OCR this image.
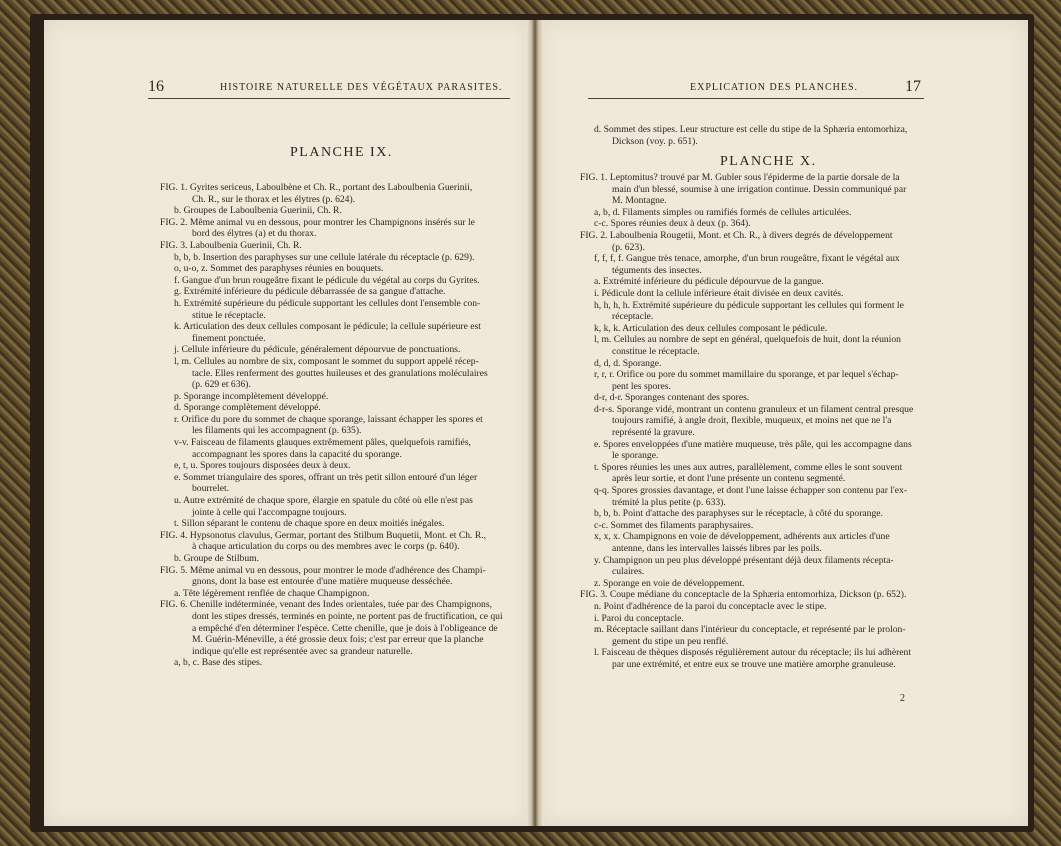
16	HISTOIRE NATURELLE DES VÉGÉTAUX PARASITES.
PLANCHE IX.

FIG. 1. Gyrites sericeus, Laboulbène et Ch. R., portant des Laboulbenia Guerinii,

Ch. R., sur le thorax et les élytres (p. 624).

b. Groupes de Laboulbenia Guerinii, Ch. R.

FIG. 2. Même animal vu en dessous, pour montrer les Champignons insérés sur le

bord des élytres (a) et du thorax.

FIG. 3. Laboulbenia Guerinii, Ch. R.

b, b, b. Insertion des paraphyses sur une cellule latérale du réceptacle (p. 629).

o, u-o, z. Sommet des paraphyses réunies en bouquets.

f. Gangue d'un brun rougeâtre fixant le pédicule du végétal au corps du Gyrites.

g. Extrémité inférieure du pédicule débarrassée de sa gangue d'attache.

h. Extrémité supérieure du pédicule supportant les cellules dont l'ensemble con-

stitue le réceptacle.

k. Articulation des deux cellules composant le pédicule; la cellule supérieure est

finement ponctuée.

j. Cellule inférieure du pédicule, généralement dépourvue de ponctuations.

l, m. Cellules au nombre de six, composant le sommet du support appelé récep-

tacle. Elles renferment des gouttes huileuses et des granulations moléculaires

(p. 629 et 636).

p. Sporange incomplètement développé.

d. Sporange complètement développé.

r. Orifice du pore du sommet de chaque sporange, laissant échapper les spores et

les filaments qui les accompagnent (p. 635).

v-v. Faisceau de filaments glauques extrêmement pâles, quelquefois ramifiés,

accompagnant les spores dans la capacité du sporange.

e, t, u. Spores toujours disposées deux à deux.

e. Sommet triangulaire des spores, offrant un très petit sillon entouré d'un léger

bourrelet.

u. Autre extrémité de chaque spore, élargie en spatule du côté où elle n'est pas

jointe à celle qui l'accompagne toujours.

t. Sillon séparant le contenu de chaque spore en deux moitiés inégales.

FIG. 4. Hypsonotus clavulus, Germar, portant des Stilbum Buquetii, Mont. et Ch. R.,

à chaque articulation du corps ou des membres avec le corps (p. 640).

b. Groupe de Stilbum.

FIG. 5. Même animal vu en dessous, pour montrer le mode d'adhérence des Champi-

gnons, dont la base est entourée d'une matière muqueuse desséchée.

a. Tête légèrement renflée de chaque Champignon.

FIG. 6. Chenille indéterminée, venant des Indes orientales, tuée par des Champignons,

dont les stipes dressés, terminés en pointe, ne portent pas de fructification, ce qui

a empêché d'en déterminer l'espèce. Cette chenille, que je dois à l'obligeance de

M. Guérin-Méneville, a été grossie deux fois; c'est par erreur que la planche

indique qu'elle est représentée avec sa grandeur naturelle.

a, b, c. Base des stipes.

EXPLICATION DES PLANCHES.	17

d. Sommet des stipes. Leur structure est celle du stipe de la Sphæria entomorhiza,

Dickson (voy. p. 651).

PLANCHE X.

FIG. 1. Leptomitus? trouvé par M. Gubler sous l'épiderme de la partie dorsale de la

main d'un blessé, soumise à une irrigation continue. Dessin communiqué par

M. Montagne.

a, b, d. Filaments simples ou ramifiés formés de cellules articulées.

c-c. Spores réunies deux à deux (p. 364).

FIG. 2. Laboulbenia Rougetii, Mont. et Ch. R., à divers degrés de développement

(p. 623).

f, f, f, f. Gangue très tenace, amorphe, d'un brun rougeâtre, fixant le végétal aux

téguments des insectes.

a. Extrémité inférieure du pédicule dépourvue de la gangue.

i. Pédicule dont la cellule inférieure était divisée en deux cavités.

h, h, h, h. Extrémité supérieure du pédicule supportant les cellules qui forment le

réceptacle.

k, k, k. Articulation des deux cellules composant le pédicule.

l, m. Cellules au nombre de sept en général, quelquefois de huit, dont la réunion

constitue le réceptacle.

d, d, d. Sporange.

r, r, r. Orifice ou pore du sommet mamillaire du sporange, et par lequel s'échap-

pent les spores.

d-r, d-r. Sporanges contenant des spores.

d-r-s. Sporange vidé, montrant un contenu granuleux et un filament central presque

toujours ramifié, à angle droit, flexible, muqueux, et moins net que ne l'a

représenté la gravure.

e. Spores enveloppées d'une matière muqueuse, très pâle, qui les accompagne dans

le sporange.

t. Spores réunies les unes aux autres, parallèlement, comme elles le sont souvent

après leur sortie, et dont l'une présente un contenu segmenté.

q-q. Spores grossies davantage, et dont l'une laisse échapper son contenu par l'ex-

trémité la plus petite (p. 633).

b, b, b. Point d'attache des paraphyses sur le réceptacle, à côté du sporange.

c-c. Sommet des filaments paraphysaires.

x, x, x. Champignons en voie de développement, adhérents aux articles d'une

antenne, dans les intervalles laissés libres par les poils.

y. Champignon un peu plus développé présentant déjà deux filaments récepta-

culaires.

z. Sporange en voie de développement.

FIG. 3. Coupe médiane du conceptacle de la Sphæria entomorhiza, Dickson (p. 652).

n. Point d'adhérence de la paroi du conceptacle avec le stipe.

i. Paroi du conceptacle.

m. Réceptacle saillant dans l'intérieur du conceptacle, et représenté par le prolon-

gement du stipe un peu renflé.

l. Faisceau de thèques disposés régulièrement autour du réceptacle; ils lui adhèrent

par une extrémité, et entre eux se trouve une matière amorphe granuleuse.

2
